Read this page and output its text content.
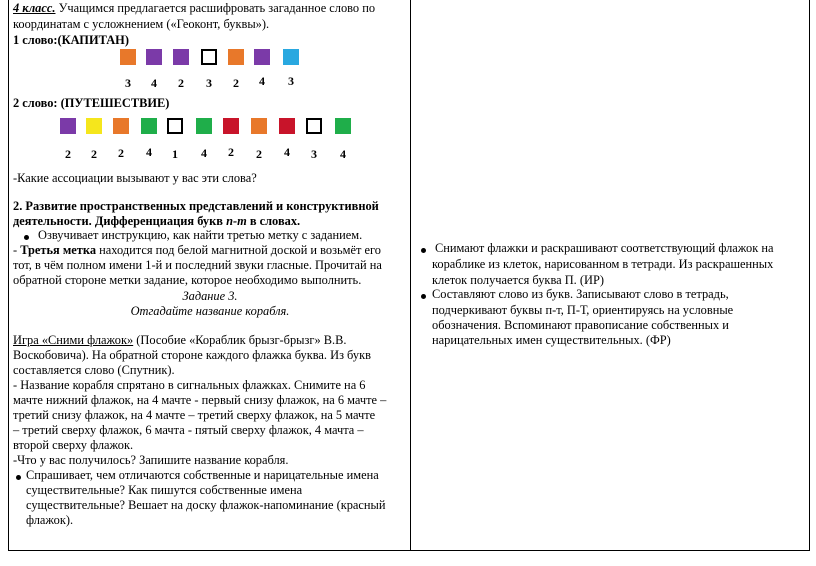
4 класс. Учащимся предлагается расшифровать загаданное слово по
координатам с усложнением («Геоконт, буквы»).
1 слово:(КАПИТАН)
3	4	2	3	2	4	3
2 слово: (ПУТЕШЕСТВИЕ)
2	2	2	4	1	4	2	2	4	3	4
-Какие ассоциации вызывают у вас эти слова?
2. Развитие пространственных представлений и конструктивной
деятельности. Дифференциация букв п-т в словах.
Озвучивает инструкцию, как найти третью метку с заданием.
- Третья метка находится под белой магнитной доской и возьмёт его
тот, в чём полном имени 1-й и последний звуки гласные. Прочитай на
обратной стороне метки задание, которое необходимо выполнить.
Задание 3.
Отгадайте название корабля.
Игра «Сними флажок» (Пособие «Кораблик брызг-брызг» В.В.
Воскобовича). На обратной стороне каждого флажка буква. Из букв
составляется слово (Спутник).
- Название корабля спрятано в сигнальных флажках. Снимите на 6
мачте нижний флажок, на 4 мачте - первый снизу флажок, на 6 мачте –
третий снизу флажок, на 4 мачте – третий сверху флажок, на 5 мачте
– третий сверху флажок, 6 мачта - пятый сверху флажок, 4 мачта –
второй сверху флажок.
-Что у вас получилось? Запишите название корабля.
Спрашивает, чем отличаются собственные и нарицательные имена
существительные? Как пишутся собственные имена
существительные? Вешает на доску флажок-напоминание (красный
флажок).
Снимают флажки и раскрашивают соответствующий флажок на
кораблике из клеток, нарисованном в тетради. Из раскрашенных
клеток получается буква П. (ИР)
Составляют слово из букв. Записывают слово в тетрадь,
подчеркивают буквы п-т, П-Т, ориентируясь на условные
обозначения. Вспоминают правописание собственных и
нарицательных имен существительных. (ФР)
